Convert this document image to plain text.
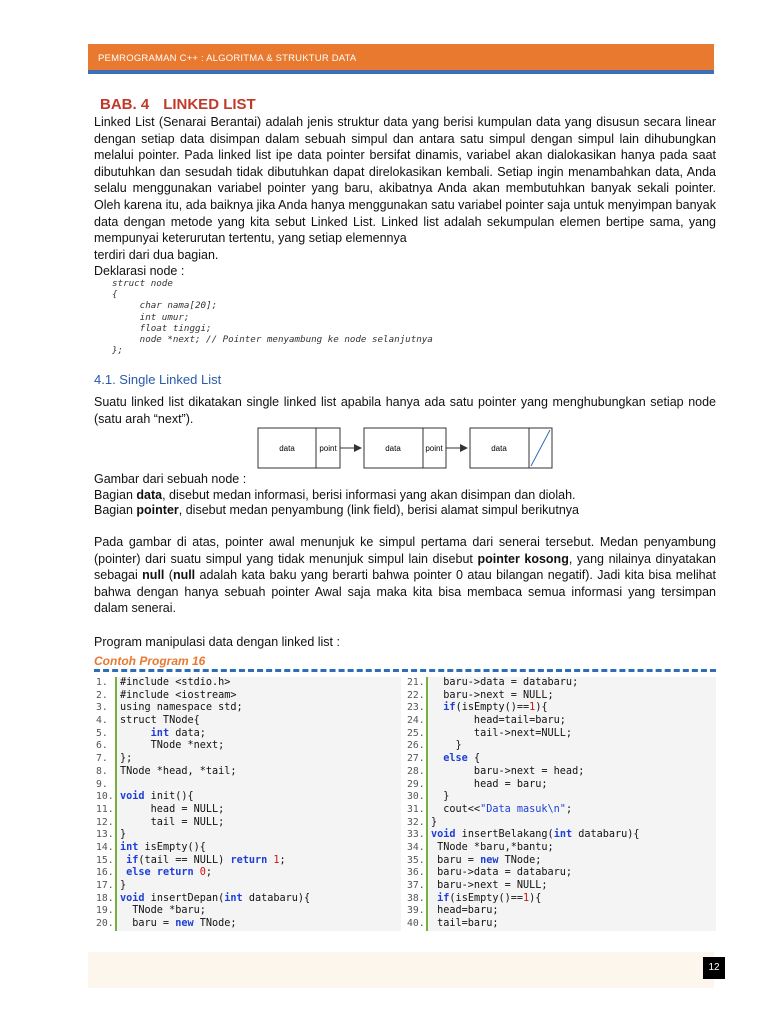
PEMROGRAMAN C++ : ALGORITMA & STRUKTUR DATA
BAB. 4 LINKED LIST

Linked List (Senarai Berantai) adalah jenis struktur data yang berisi kumpulan data yang disusun secara linear dengan setiap data disimpan dalam sebuah simpul dan antara satu simpul dengan simpul lain dihubungkan melalui pointer. Pada linked list ipe data pointer bersifat dinamis, variabel akan dialokasikan hanya pada saat dibutuhkan dan sesudah tidak dibutuhkan dapat direlokasikan kembali. Setiap ingin menambahkan data, Anda selalu menggunakan variabel pointer yang baru, akibatnya Anda akan membutuhkan banyak sekali pointer. Oleh karena itu, ada baiknya jika Anda hanya menggunakan satu variabel pointer saja untuk menyimpan banyak data dengan metode yang kita sebut Linked List. Linked list adalah sekumpulan elemen bertipe sama, yang mempunyai keterurutan tertentu, yang setiap elemennya

terdiri dari dua bagian.
Deklarasi node :
struct node
{
char nama[20];
int umur;
float tinggi;
node *next; // Pointer menyambung ke node selanjutnya
};
4.1. Single Linked List

Suatu linked list dikatakan single linked list apabila hanya ada satu pointer yang menghubungkan setiap node (satu arah “next”).

data	point	data	point	data
Gambar dari sebuah node :
Bagian data, disebut medan informasi, berisi informasi yang akan disimpan dan diolah.
Bagian pointer, disebut medan penyambung (link field), berisi alamat simpul berikutnya

Pada gambar di atas, pointer awal menunjuk ke simpul pertama dari senerai tersebut. Medan penyambung (pointer) dari suatu simpul yang tidak menunjuk simpul lain disebut pointer kosong, yang nilainya dinyatakan sebagai null (null adalah kata baku yang berarti bahwa pointer 0 atau bilangan negatif). Jadi kita bisa melihat bahwa dengan hanya sebuah pointer Awal saja maka kita bisa membaca semua informasi yang tersimpan dalam senerai.

Program manipulasi data dengan linked list :
Contoh Program 16
1.	#include <stdio.h>
2.	#include <iostream>
3.	using namespace std;
4.	struct TNode{
5.	int data;
6.	TNode *next;
7.	};
8.	TNode *head, *tail;
9.
10. void init(){
11. head = NULL;
12. tail = NULL;
13. }
14. int isEmpty(){
15.	if(tail == NULL) return 1;
16.	else return 0;
17. }
18. void insertDepan(int databaru){
19. TNode *baru;
20. baru = new TNode;
21. baru->data = databaru;
22. baru->next = NULL;
23.	if(isEmpty()==1){
24. head=tail=baru;
25. tail->next=NULL;
26. }
27.	else {
28. baru->next = head;
29. head = baru;
30. }
31. cout<<"Data masuk\n";
32. }
33. void insertBelakang(int databaru){
34. TNode *baru,*bantu;
35. baru = new TNode;
36. baru->data = databaru;
37. baru->next = NULL;
38.	if(isEmpty()==1){
39. head=baru;
40. tail=baru;
12
